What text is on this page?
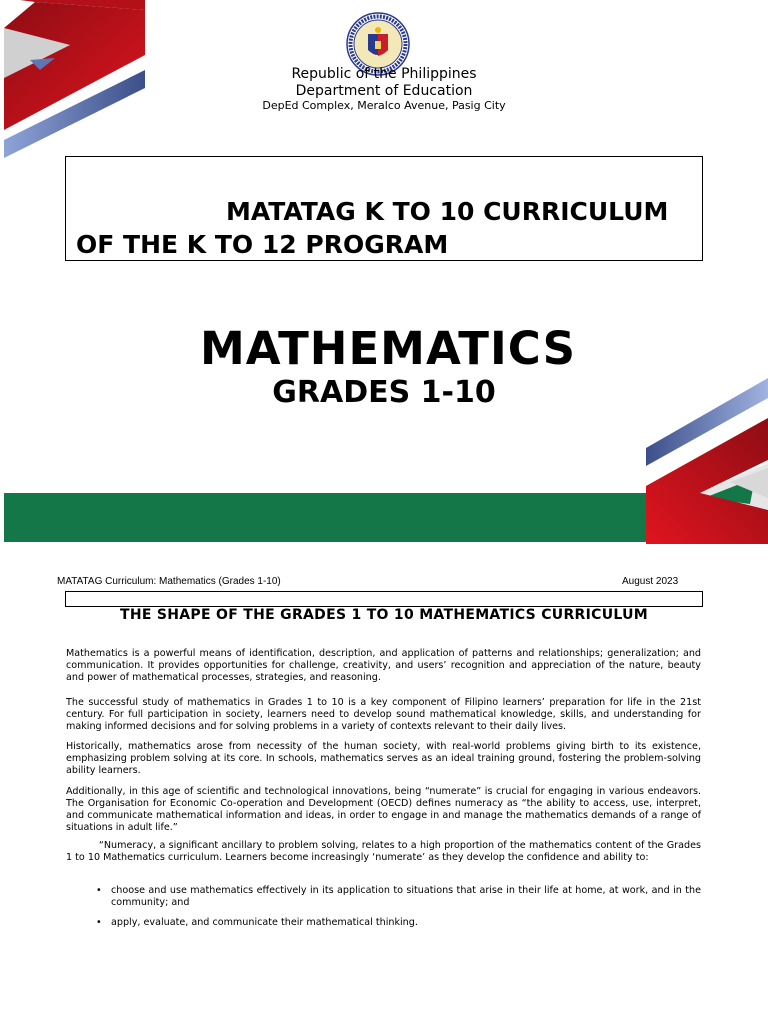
Republic of the Philippines
Department of Education
DepEd Complex, Meralco Avenue, Pasig City
MATATAG K TO 10 CURRICULUM
OF THE K TO 12 PROGRAM
MATHEMATICS
GRADES 1-10
MATATAG Curriculum: Mathematics (Grades 1-10)	August 2023
THE SHAPE OF THE GRADES 1 TO 10 MATHEMATICS CURRICULUM
Mathematics is a powerful means of identification, description, and application of patterns and relationships; generalization; and communication. It provides opportunities for challenge, creativity, and users’ recognition and appreciation of the nature, beauty and power of mathematical processes, strategies, and reasoning.
The successful study of mathematics in Grades 1 to 10 is a key component of Filipino learners’ preparation for life in the 21st century. For full participation in society, learners need to develop sound mathematical knowledge, skills, and understanding for making informed decisions and for solving problems in a variety of contexts relevant to their daily lives.
Historically, mathematics arose from necessity of the human society, with real-world problems giving birth to its existence, emphasizing problem solving at its core. In schools, mathematics serves as an ideal training ground, fostering the problem-solving ability learners.
Additionally, in this age of scientific and technological innovations, being “numerate” is crucial for engaging in various endeavors. The Organisation for Economic Co-operation and Development (OECD) defines numeracy as “the ability to access, use, interpret, and communicate mathematical information and ideas, in order to engage in and manage the mathematics demands of a range of situations in adult life.”
“Numeracy, a significant ancillary to problem solving, relates to a high proportion of the mathematics content of the Grades 1 to 10 Mathematics curriculum. Learners become increasingly ‘numerate’ as they develop the confidence and ability to:
• choose and use mathematics effectively in its application to situations that arise in their life at home, at work, and in the community; and
• apply, evaluate, and communicate their mathematical thinking.
